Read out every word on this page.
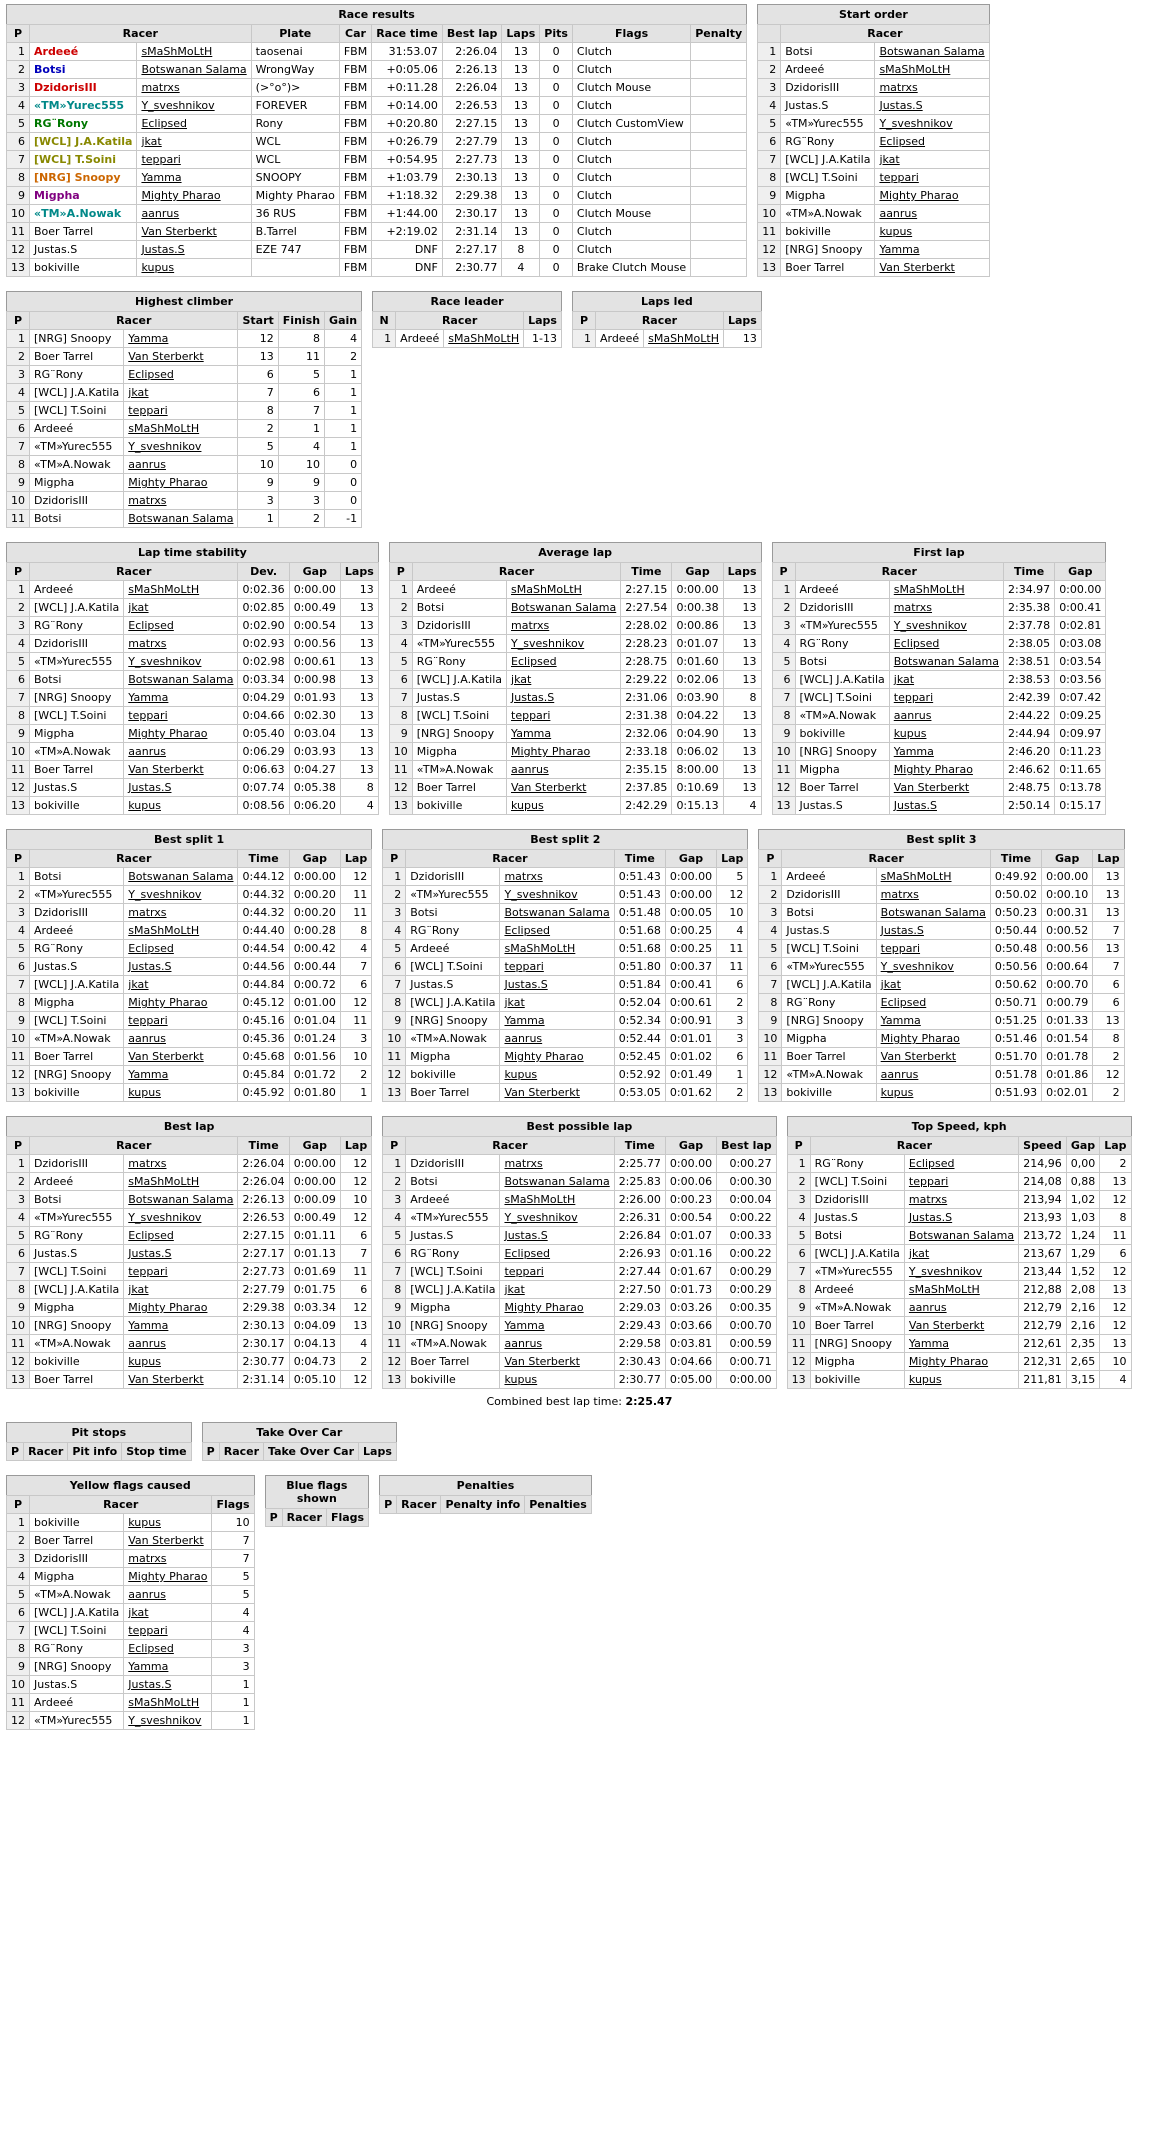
Race results
P	Racer		Plate	Car	Race time	Best lap	Laps	Pits	Flags	Penalty
1	Ardeeé	sMaShMoLtH	taosenai	FBM	31:53.07	2:26.04	13	0	Clutch	
2	Botsi	Botswanan Salama	WrongWay	FBM	+0:05.06	2:26.13	13	0	Clutch	
3	DzidorisIII	matrxs	(>°o°)>	FBM	+0:11.28	2:26.04	13	0	Clutch Mouse	
4	«TM»Yurec555	Y_sveshnikov	FOREVER	FBM	+0:14.00	2:26.53	13	0	Clutch	
5	RG¨Rony	Eclipsed	Rony	FBM	+0:20.80	2:27.15	13	0	Clutch CustomView	
6	[WCL] J.A.Katila	jkat	WCL	FBM	+0:26.79	2:27.79	13	0	Clutch	
7	[WCL] T.Soini	teppari	WCL	FBM	+0:54.95	2:27.73	13	0	Clutch	
8	[NRG] Snoopy	Yamma	SNOOPY	FBM	+1:03.79	2:30.13	13	0	Clutch	
9	Migpha	Mighty Pharao	Mighty Pharao	FBM	+1:18.32	2:29.38	13	0	Clutch	
10	«TM»A.Nowak	aanrus	36 RUS	FBM	+1:44.00	2:30.17	13	0	Clutch Mouse	
11	Boer Tarrel	Van Sterberkt	B.Tarrel	FBM	+2:19.02	2:31.14	13	0	Clutch	
12	Justas.S	Justas.S	EZE 747	FBM	DNF	2:27.17	8	0	Clutch	
13	bokiville	kupus		FBM	DNF	2:30.77	4	0	Brake Clutch Mouse	
Start order
	Racer	
1	Botsi	Botswanan Salama
2	Ardeeé	sMaShMoLtH
3	DzidorisIII	matrxs
4	Justas.S	Justas.S
5	«TM»Yurec555	Y_sveshnikov
6	RG¨Rony	Eclipsed
7	[WCL] J.A.Katila	jkat
8	[WCL] T.Soini	teppari
9	Migpha	Mighty Pharao
10	«TM»A.Nowak	aanrus
11	bokiville	kupus
12	[NRG] Snoopy	Yamma
13	Boer Tarrel	Van Sterberkt
Highest climber
P	Racer		Start	Finish	Gain
1	[NRG] Snoopy	Yamma	12	8	4
2	Boer Tarrel	Van Sterberkt	13	11	2
3	RG¨Rony	Eclipsed	6	5	1
4	[WCL] J.A.Katila	jkat	7	6	1
5	[WCL] T.Soini	teppari	8	7	1
6	Ardeeé	sMaShMoLtH	2	1	1
7	«TM»Yurec555	Y_sveshnikov	5	4	1
8	«TM»A.Nowak	aanrus	10	10	0
9	Migpha	Mighty Pharao	9	9	0
10	DzidorisIII	matrxs	3	3	0
11	Botsi	Botswanan Salama	1	2	-1
Race leader
N	Racer		Laps
1	Ardeeé	sMaShMoLtH	1-13
Laps led
P	Racer		Laps
1	Ardeeé	sMaShMoLtH	13
Lap time stability
P	Racer		Dev.	Gap	Laps
1	Ardeeé	sMaShMoLtH	0:02.36	0:00.00	13
2	[WCL] J.A.Katila	jkat	0:02.85	0:00.49	13
3	RG¨Rony	Eclipsed	0:02.90	0:00.54	13
4	DzidorisIII	matrxs	0:02.93	0:00.56	13
5	«TM»Yurec555	Y_sveshnikov	0:02.98	0:00.61	13
6	Botsi	Botswanan Salama	0:03.34	0:00.98	13
7	[NRG] Snoopy	Yamma	0:04.29	0:01.93	13
8	[WCL] T.Soini	teppari	0:04.66	0:02.30	13
9	Migpha	Mighty Pharao	0:05.40	0:03.04	13
10	«TM»A.Nowak	aanrus	0:06.29	0:03.93	13
11	Boer Tarrel	Van Sterberkt	0:06.63	0:04.27	13
12	Justas.S	Justas.S	0:07.74	0:05.38	8
13	bokiville	kupus	0:08.56	0:06.20	4
Average lap
P	Racer		Time	Gap	Laps
1	Ardeeé	sMaShMoLtH	2:27.15	0:00.00	13
2	Botsi	Botswanan Salama	2:27.54	0:00.38	13
3	DzidorisIII	matrxs	2:28.02	0:00.86	13
4	«TM»Yurec555	Y_sveshnikov	2:28.23	0:01.07	13
5	RG¨Rony	Eclipsed	2:28.75	0:01.60	13
6	[WCL] J.A.Katila	jkat	2:29.22	0:02.06	13
7	Justas.S	Justas.S	2:31.06	0:03.90	8
8	[WCL] T.Soini	teppari	2:31.38	0:04.22	13
9	[NRG] Snoopy	Yamma	2:32.06	0:04.90	13
10	Migpha	Mighty Pharao	2:33.18	0:06.02	13
11	«TM»A.Nowak	aanrus	2:35.15	8:00.00	13
12	Boer Tarrel	Van Sterberkt	2:37.85	0:10.69	13
13	bokiville	kupus	2:42.29	0:15.13	4
First lap
P	Racer		Time	Gap
1	Ardeeé	sMaShMoLtH	2:34.97	0:00.00
2	DzidorisIII	matrxs	2:35.38	0:00.41
3	«TM»Yurec555	Y_sveshnikov	2:37.78	0:02.81
4	RG¨Rony	Eclipsed	2:38.05	0:03.08
5	Botsi	Botswanan Salama	2:38.51	0:03.54
6	[WCL] J.A.Katila	jkat	2:38.53	0:03.56
7	[WCL] T.Soini	teppari	2:42.39	0:07.42
8	«TM»A.Nowak	aanrus	2:44.22	0:09.25
9	bokiville	kupus	2:44.94	0:09.97
10	[NRG] Snoopy	Yamma	2:46.20	0:11.23
11	Migpha	Mighty Pharao	2:46.62	0:11.65
12	Boer Tarrel	Van Sterberkt	2:48.75	0:13.78
13	Justas.S	Justas.S	2:50.14	0:15.17
Best split 1
P	Racer		Time	Gap	Lap
1	Botsi	Botswanan Salama	0:44.12	0:00.00	12
2	«TM»Yurec555	Y_sveshnikov	0:44.32	0:00.20	11
3	DzidorisIII	matrxs	0:44.32	0:00.20	11
4	Ardeeé	sMaShMoLtH	0:44.40	0:00.28	8
5	RG¨Rony	Eclipsed	0:44.54	0:00.42	4
6	Justas.S	Justas.S	0:44.56	0:00.44	7
7	[WCL] J.A.Katila	jkat	0:44.84	0:00.72	6
8	Migpha	Mighty Pharao	0:45.12	0:01.00	12
9	[WCL] T.Soini	teppari	0:45.16	0:01.04	11
10	«TM»A.Nowak	aanrus	0:45.36	0:01.24	3
11	Boer Tarrel	Van Sterberkt	0:45.68	0:01.56	10
12	[NRG] Snoopy	Yamma	0:45.84	0:01.72	2
13	bokiville	kupus	0:45.92	0:01.80	1
Best split 2
P	Racer		Time	Gap	Lap
1	DzidorisIII	matrxs	0:51.43	0:00.00	5
2	«TM»Yurec555	Y_sveshnikov	0:51.43	0:00.00	12
3	Botsi	Botswanan Salama	0:51.48	0:00.05	10
4	RG¨Rony	Eclipsed	0:51.68	0:00.25	4
5	Ardeeé	sMaShMoLtH	0:51.68	0:00.25	11
6	[WCL] T.Soini	teppari	0:51.80	0:00.37	11
7	Justas.S	Justas.S	0:51.84	0:00.41	6
8	[WCL] J.A.Katila	jkat	0:52.04	0:00.61	2
9	[NRG] Snoopy	Yamma	0:52.34	0:00.91	3
10	«TM»A.Nowak	aanrus	0:52.44	0:01.01	3
11	Migpha	Mighty Pharao	0:52.45	0:01.02	6
12	bokiville	kupus	0:52.92	0:01.49	1
13	Boer Tarrel	Van Sterberkt	0:53.05	0:01.62	2
Best split 3
P	Racer		Time	Gap	Lap
1	Ardeeé	sMaShMoLtH	0:49.92	0:00.00	13
2	DzidorisIII	matrxs	0:50.02	0:00.10	13
3	Botsi	Botswanan Salama	0:50.23	0:00.31	13
4	Justas.S	Justas.S	0:50.44	0:00.52	7
5	[WCL] T.Soini	teppari	0:50.48	0:00.56	13
6	«TM»Yurec555	Y_sveshnikov	0:50.56	0:00.64	7
7	[WCL] J.A.Katila	jkat	0:50.62	0:00.70	6
8	RG¨Rony	Eclipsed	0:50.71	0:00.79	6
9	[NRG] Snoopy	Yamma	0:51.25	0:01.33	13
10	Migpha	Mighty Pharao	0:51.46	0:01.54	8
11	Boer Tarrel	Van Sterberkt	0:51.70	0:01.78	2
12	«TM»A.Nowak	aanrus	0:51.78	0:01.86	12
13	bokiville	kupus	0:51.93	0:02.01	2
Best lap
P	Racer		Time	Gap	Lap
1	DzidorisIII	matrxs	2:26.04	0:00.00	12
2	Ardeeé	sMaShMoLtH	2:26.04	0:00.00	12
3	Botsi	Botswanan Salama	2:26.13	0:00.09	10
4	«TM»Yurec555	Y_sveshnikov	2:26.53	0:00.49	12
5	RG¨Rony	Eclipsed	2:27.15	0:01.11	6
6	Justas.S	Justas.S	2:27.17	0:01.13	7
7	[WCL] T.Soini	teppari	2:27.73	0:01.69	11
8	[WCL] J.A.Katila	jkat	2:27.79	0:01.75	6
9	Migpha	Mighty Pharao	2:29.38	0:03.34	12
10	[NRG] Snoopy	Yamma	2:30.13	0:04.09	13
11	«TM»A.Nowak	aanrus	2:30.17	0:04.13	4
12	bokiville	kupus	2:30.77	0:04.73	2
13	Boer Tarrel	Van Sterberkt	2:31.14	0:05.10	12
Best possible lap
P	Racer		Time	Gap	Best lap
1	DzidorisIII	matrxs	2:25.77	0:00.00	0:00.27
2	Botsi	Botswanan Salama	2:25.83	0:00.06	0:00.30
3	Ardeeé	sMaShMoLtH	2:26.00	0:00.23	0:00.04
4	«TM»Yurec555	Y_sveshnikov	2:26.31	0:00.54	0:00.22
5	Justas.S	Justas.S	2:26.84	0:01.07	0:00.33
6	RG¨Rony	Eclipsed	2:26.93	0:01.16	0:00.22
7	[WCL] T.Soini	teppari	2:27.44	0:01.67	0:00.29
8	[WCL] J.A.Katila	jkat	2:27.50	0:01.73	0:00.29
9	Migpha	Mighty Pharao	2:29.03	0:03.26	0:00.35
10	[NRG] Snoopy	Yamma	2:29.43	0:03.66	0:00.70
11	«TM»A.Nowak	aanrus	2:29.58	0:03.81	0:00.59
12	Boer Tarrel	Van Sterberkt	2:30.43	0:04.66	0:00.71
13	bokiville	kupus	2:30.77	0:05.00	0:00.00
Combined best lap time: 2:25.47
Top Speed, kph
P	Racer		Speed	Gap	Lap
1	RG¨Rony	Eclipsed	214,96	0,00	2
2	[WCL] T.Soini	teppari	214,08	0,88	13
3	DzidorisIII	matrxs	213,94	1,02	12
4	Justas.S	Justas.S	213,93	1,03	8
5	Botsi	Botswanan Salama	213,72	1,24	11
6	[WCL] J.A.Katila	jkat	213,67	1,29	6
7	«TM»Yurec555	Y_sveshnikov	213,44	1,52	12
8	Ardeeé	sMaShMoLtH	212,88	2,08	13
9	«TM»A.Nowak	aanrus	212,79	2,16	12
10	Boer Tarrel	Van Sterberkt	212,79	2,16	12
11	[NRG] Snoopy	Yamma	212,61	2,35	13
12	Migpha	Mighty Pharao	212,31	2,65	10
13	bokiville	kupus	211,81	3,15	4
Pit stops
P	Racer	Pit info	Stop time
Take Over Car
P	Racer	Take Over Car	Laps
Yellow flags caused
P	Racer		Flags
1	bokiville	kupus	10
2	Boer Tarrel	Van Sterberkt	7
3	DzidorisIII	matrxs	7
4	Migpha	Mighty Pharao	5
5	«TM»A.Nowak	aanrus	5
6	[WCL] J.A.Katila	jkat	4
7	[WCL] T.Soini	teppari	4
8	RG¨Rony	Eclipsed	3
9	[NRG] Snoopy	Yamma	3
10	Justas.S	Justas.S	1
11	Ardeeé	sMaShMoLtH	1
12	«TM»Yurec555	Y_sveshnikov	1
Blue flags shown
P	Racer	Flags
Penalties
P	Racer	Penalty info	Penalties
